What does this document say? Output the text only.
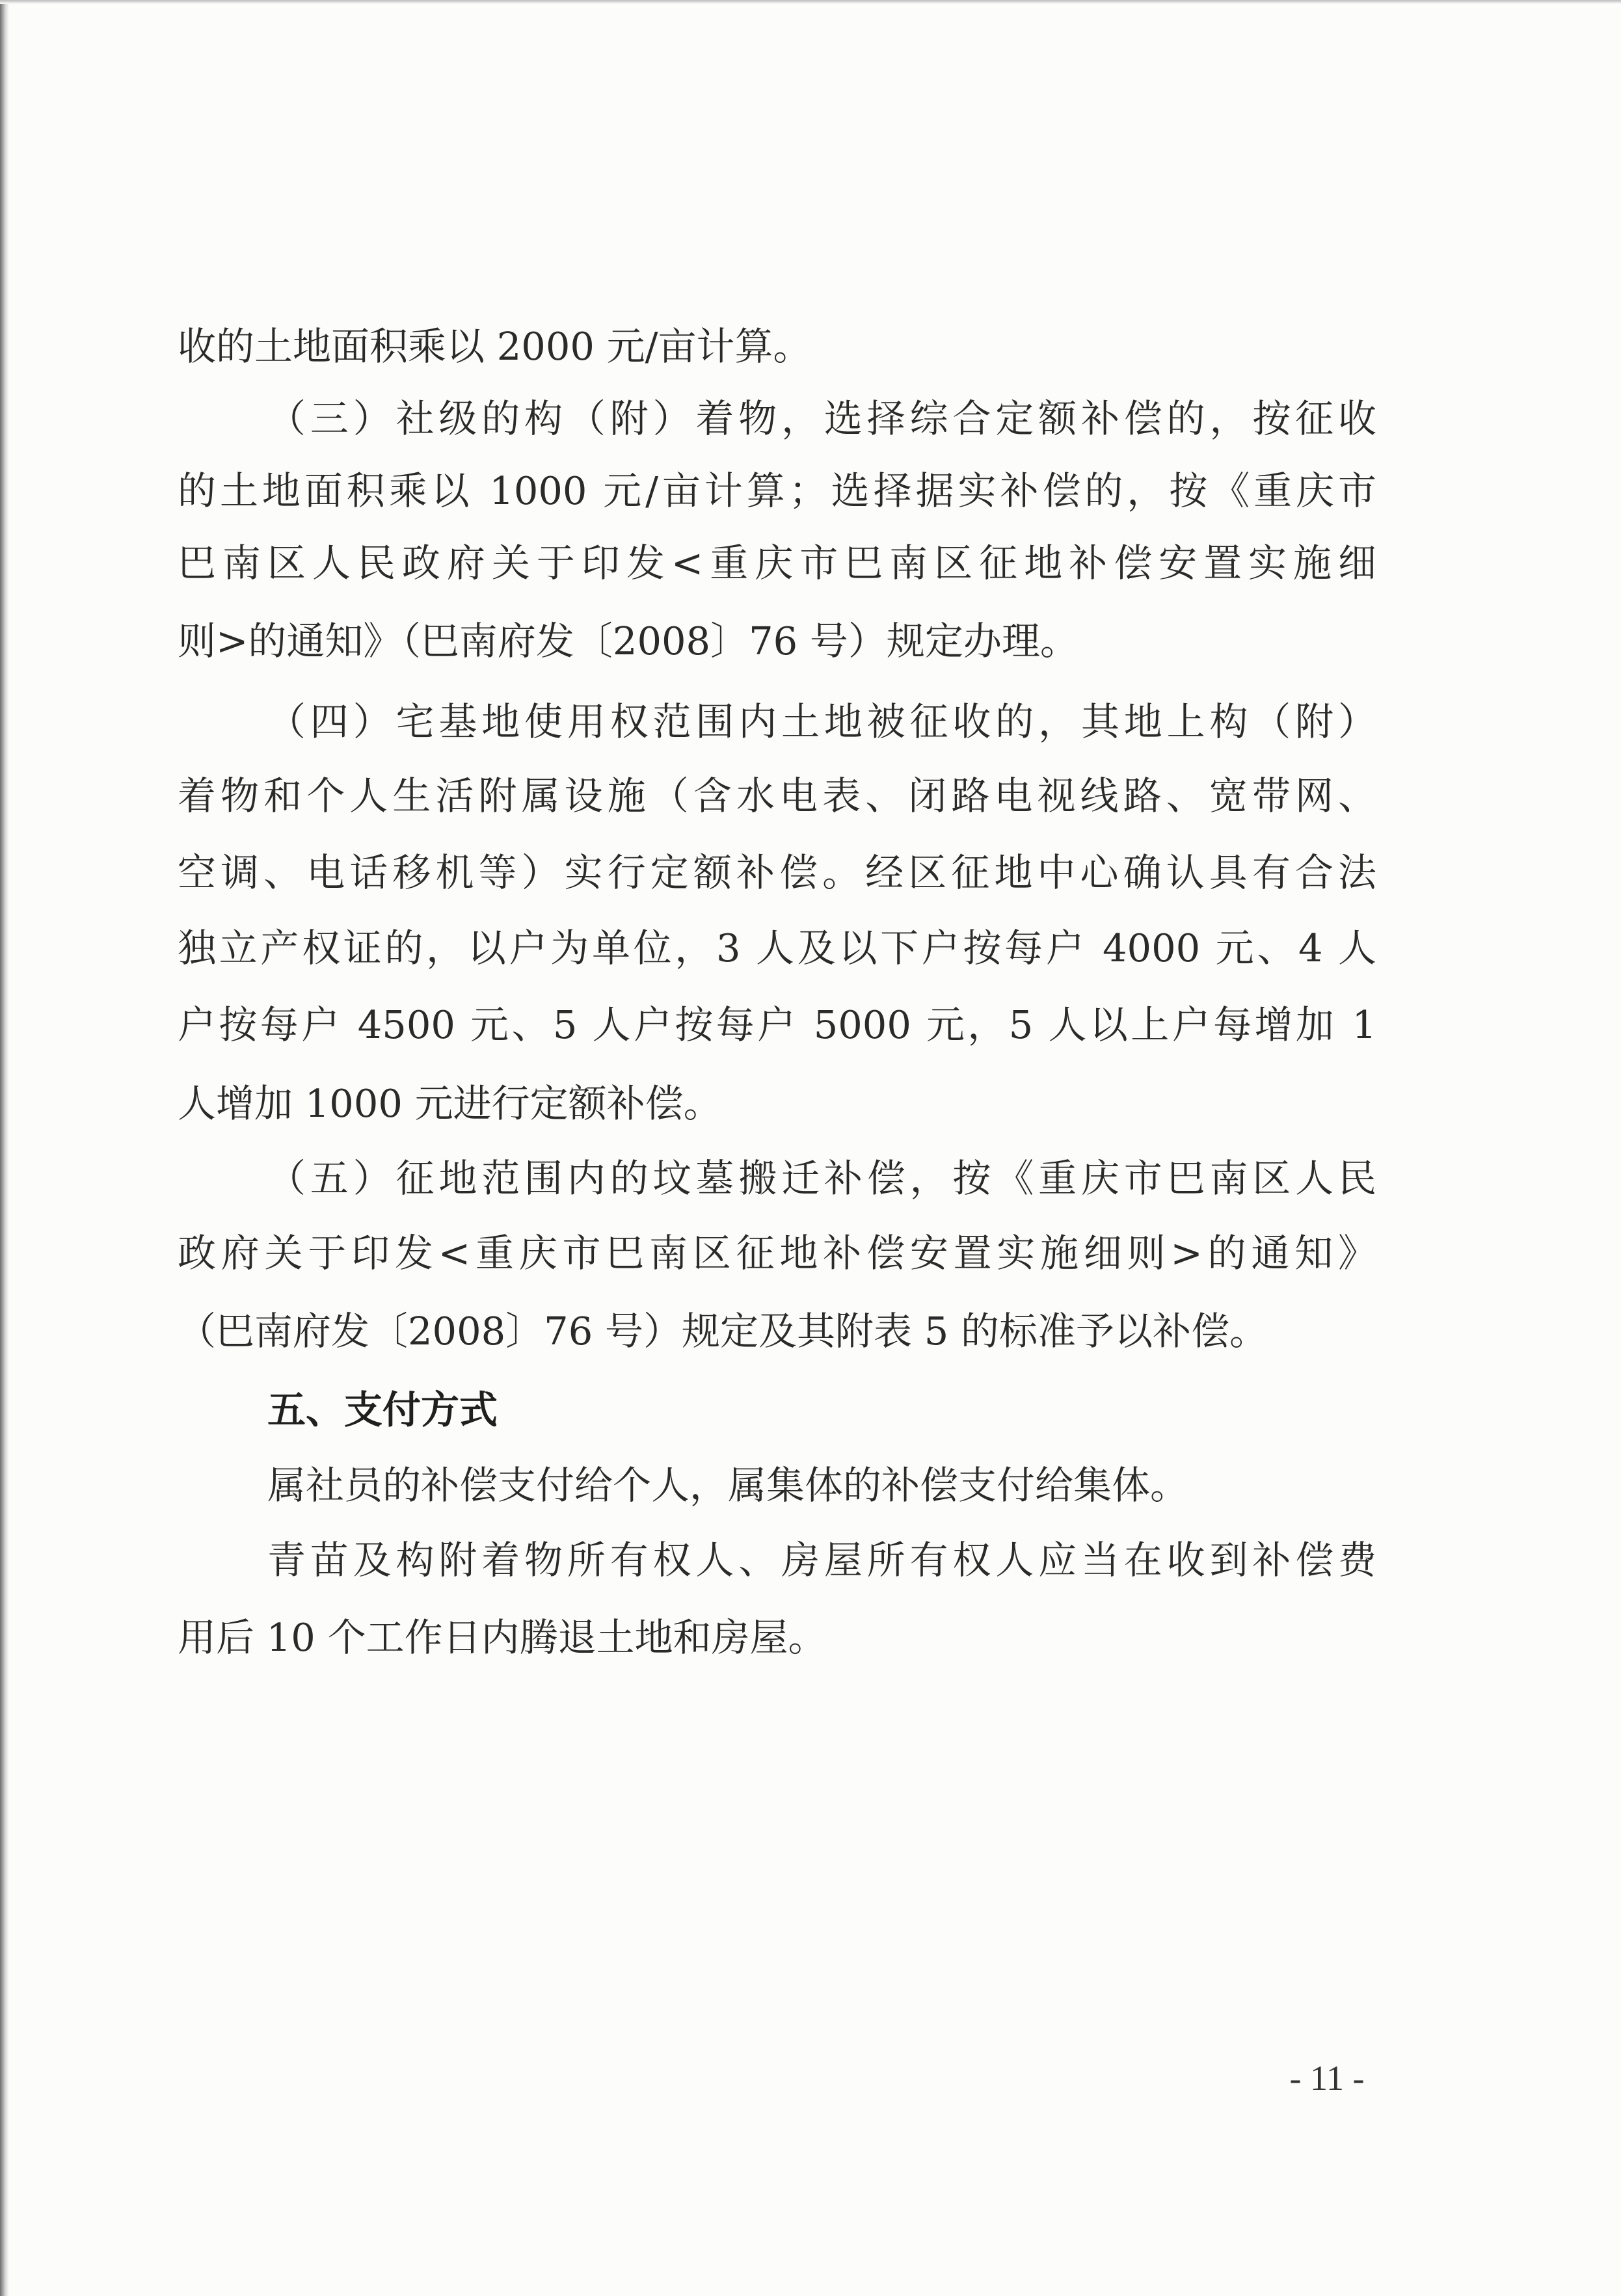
收的土地面积乘以 2000 元/亩计算。
（三）社级的构（附）着物，选择综合定额补偿的，按征收
的土地面积乘以 1000 元/亩计算；选择据实补偿的，按《重庆市
巴南区人民政府关于印发<重庆市巴南区征地补偿安置实施细
则>的通知》（巴南府发〔2008〕76 号）规定办理。
（四）宅基地使用权范围内土地被征收的，其地上构（附）
着物和个人生活附属设施（含水电表、闭路电视线路、宽带网、
空调、电话移机等）实行定额补偿。经区征地中心确认具有合法
独立产权证的，以户为单位，3 人及以下户按每户 4000 元、4 人
户按每户 4500 元、5 人户按每户 5000 元，5 人以上户每增加 1
人增加 1000 元进行定额补偿。
（五）征地范围内的坟墓搬迁补偿，按《重庆市巴南区人民
政府关于印发<重庆市巴南区征地补偿安置实施细则>的通知》
（巴南府发〔2008〕76 号）规定及其附表 5 的标准予以补偿。
五、支付方式
属社员的补偿支付给个人，属集体的补偿支付给集体。
青苗及构附着物所有权人、房屋所有权人应当在收到补偿费
用后 10 个工作日内腾退土地和房屋。
- 11 -
